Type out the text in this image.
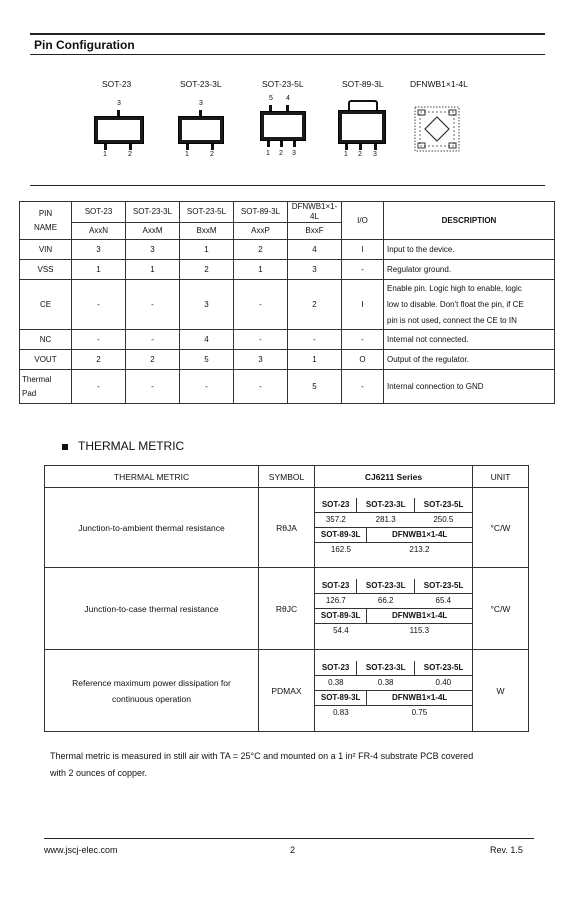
Pin Configuration
SOT-23	SOT-23-3L	SOT-23-5L	SOT-89-3L	DFNWB1×1-4L
3
1	2
3
1	2
5 4
1 2 3	1 2 3
PIN
NAME	SOT-23	SOT-23-3L	SOT-23-5L	SOT-89-3L	DFNWB1×1-4L	I/O	DESCRIPTION
	AxxN	AxxM	BxxM	AxxP	BxxF		
VIN	3	3	1	2	4	I	Input to the device.
VSS	1	1	2	1	3	-	Regulator ground.
CE	-	-	3	-	2	I	Enable pin. Logic high to enable, logic
low to disable. Don't float the pin, if CE
pin is not used, connect the CE to IN

NC	-	-	4	-	-	-	Internal not connected.
VOUT	2	2	5	3	1	O	Output of the regulator.

Thermal
Pad	-	-	-	-	5	-	Internal connection to GND
THERMAL METRIC
THERMAL METRIC	SYMBOL	CJ6211 Series	UNIT
Junction-to-ambient thermal resistance	RθJA	
SOT-23	SOT-23-3L	SOT-23-5L
357.2	281.3	250.5
SOT-89-3L	DFNWB1×1-4L
162.5	213.2
	°C/W
Junction-to-case thermal resistance	RθJC	
SOT-23	SOT-23-3L	SOT-23-5L
126.7	66.2	65.4
SOT-89-3L	DFNWB1×1-4L
54.4	115.3
	°C/W

Reference maximum power dissipation for
continuous operation
	PDMAX	
SOT-23	SOT-23-3L	SOT-23-5L
0.38	0.38	0.40
SOT-89-3L	DFNWB1×1-4L
0.83	0.75
	W
Thermal metric is measured in still air with TA = 25°C and mounted on a 1 in² FR-4 substrate PCB covered
with 2 ounces of copper.
www.jscj-elec.com	2	Rev. 1.5
